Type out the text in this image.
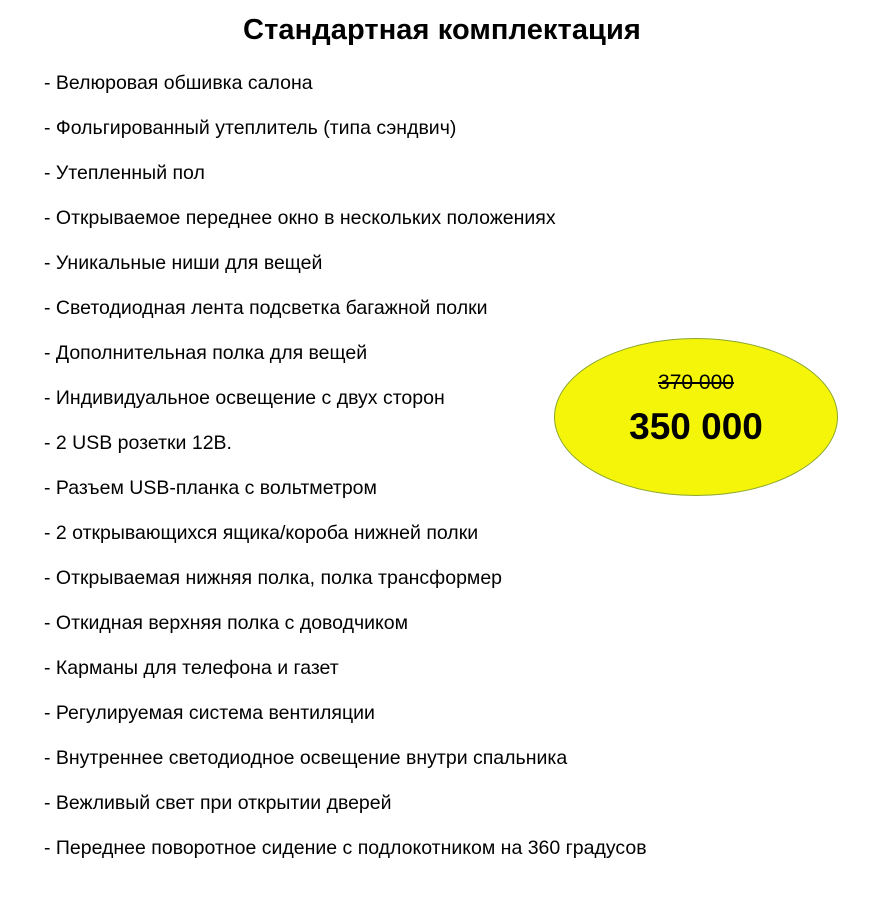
Стандартная комплектация
- Велюровая обшивка салона
- Фольгированный утеплитель (типа сэндвич)
- Утепленный пол
- Открываемое переднее окно в нескольких положениях
- Уникальные ниши для вещей
- Светодиодная лента подсветка багажной полки
- Дополнительная полка для вещей
- Индивидуальное освещение с двух сторон
- 2 USB розетки 12В.
- Разъем USB-планка с вольтметром
- 2 открывающихся ящика/короба нижней полки
- Открываемая нижняя полка, полка трансформер
- Откидная верхняя полка с доводчиком
- Карманы для телефона и газет
- Регулируемая система вентиляции
- Внутреннее светодиодное освещение внутри спальника
- Вежливый свет при открытии дверей
- Переднее поворотное сидение с подлокотником на 360 градусов
370 000
350 000
